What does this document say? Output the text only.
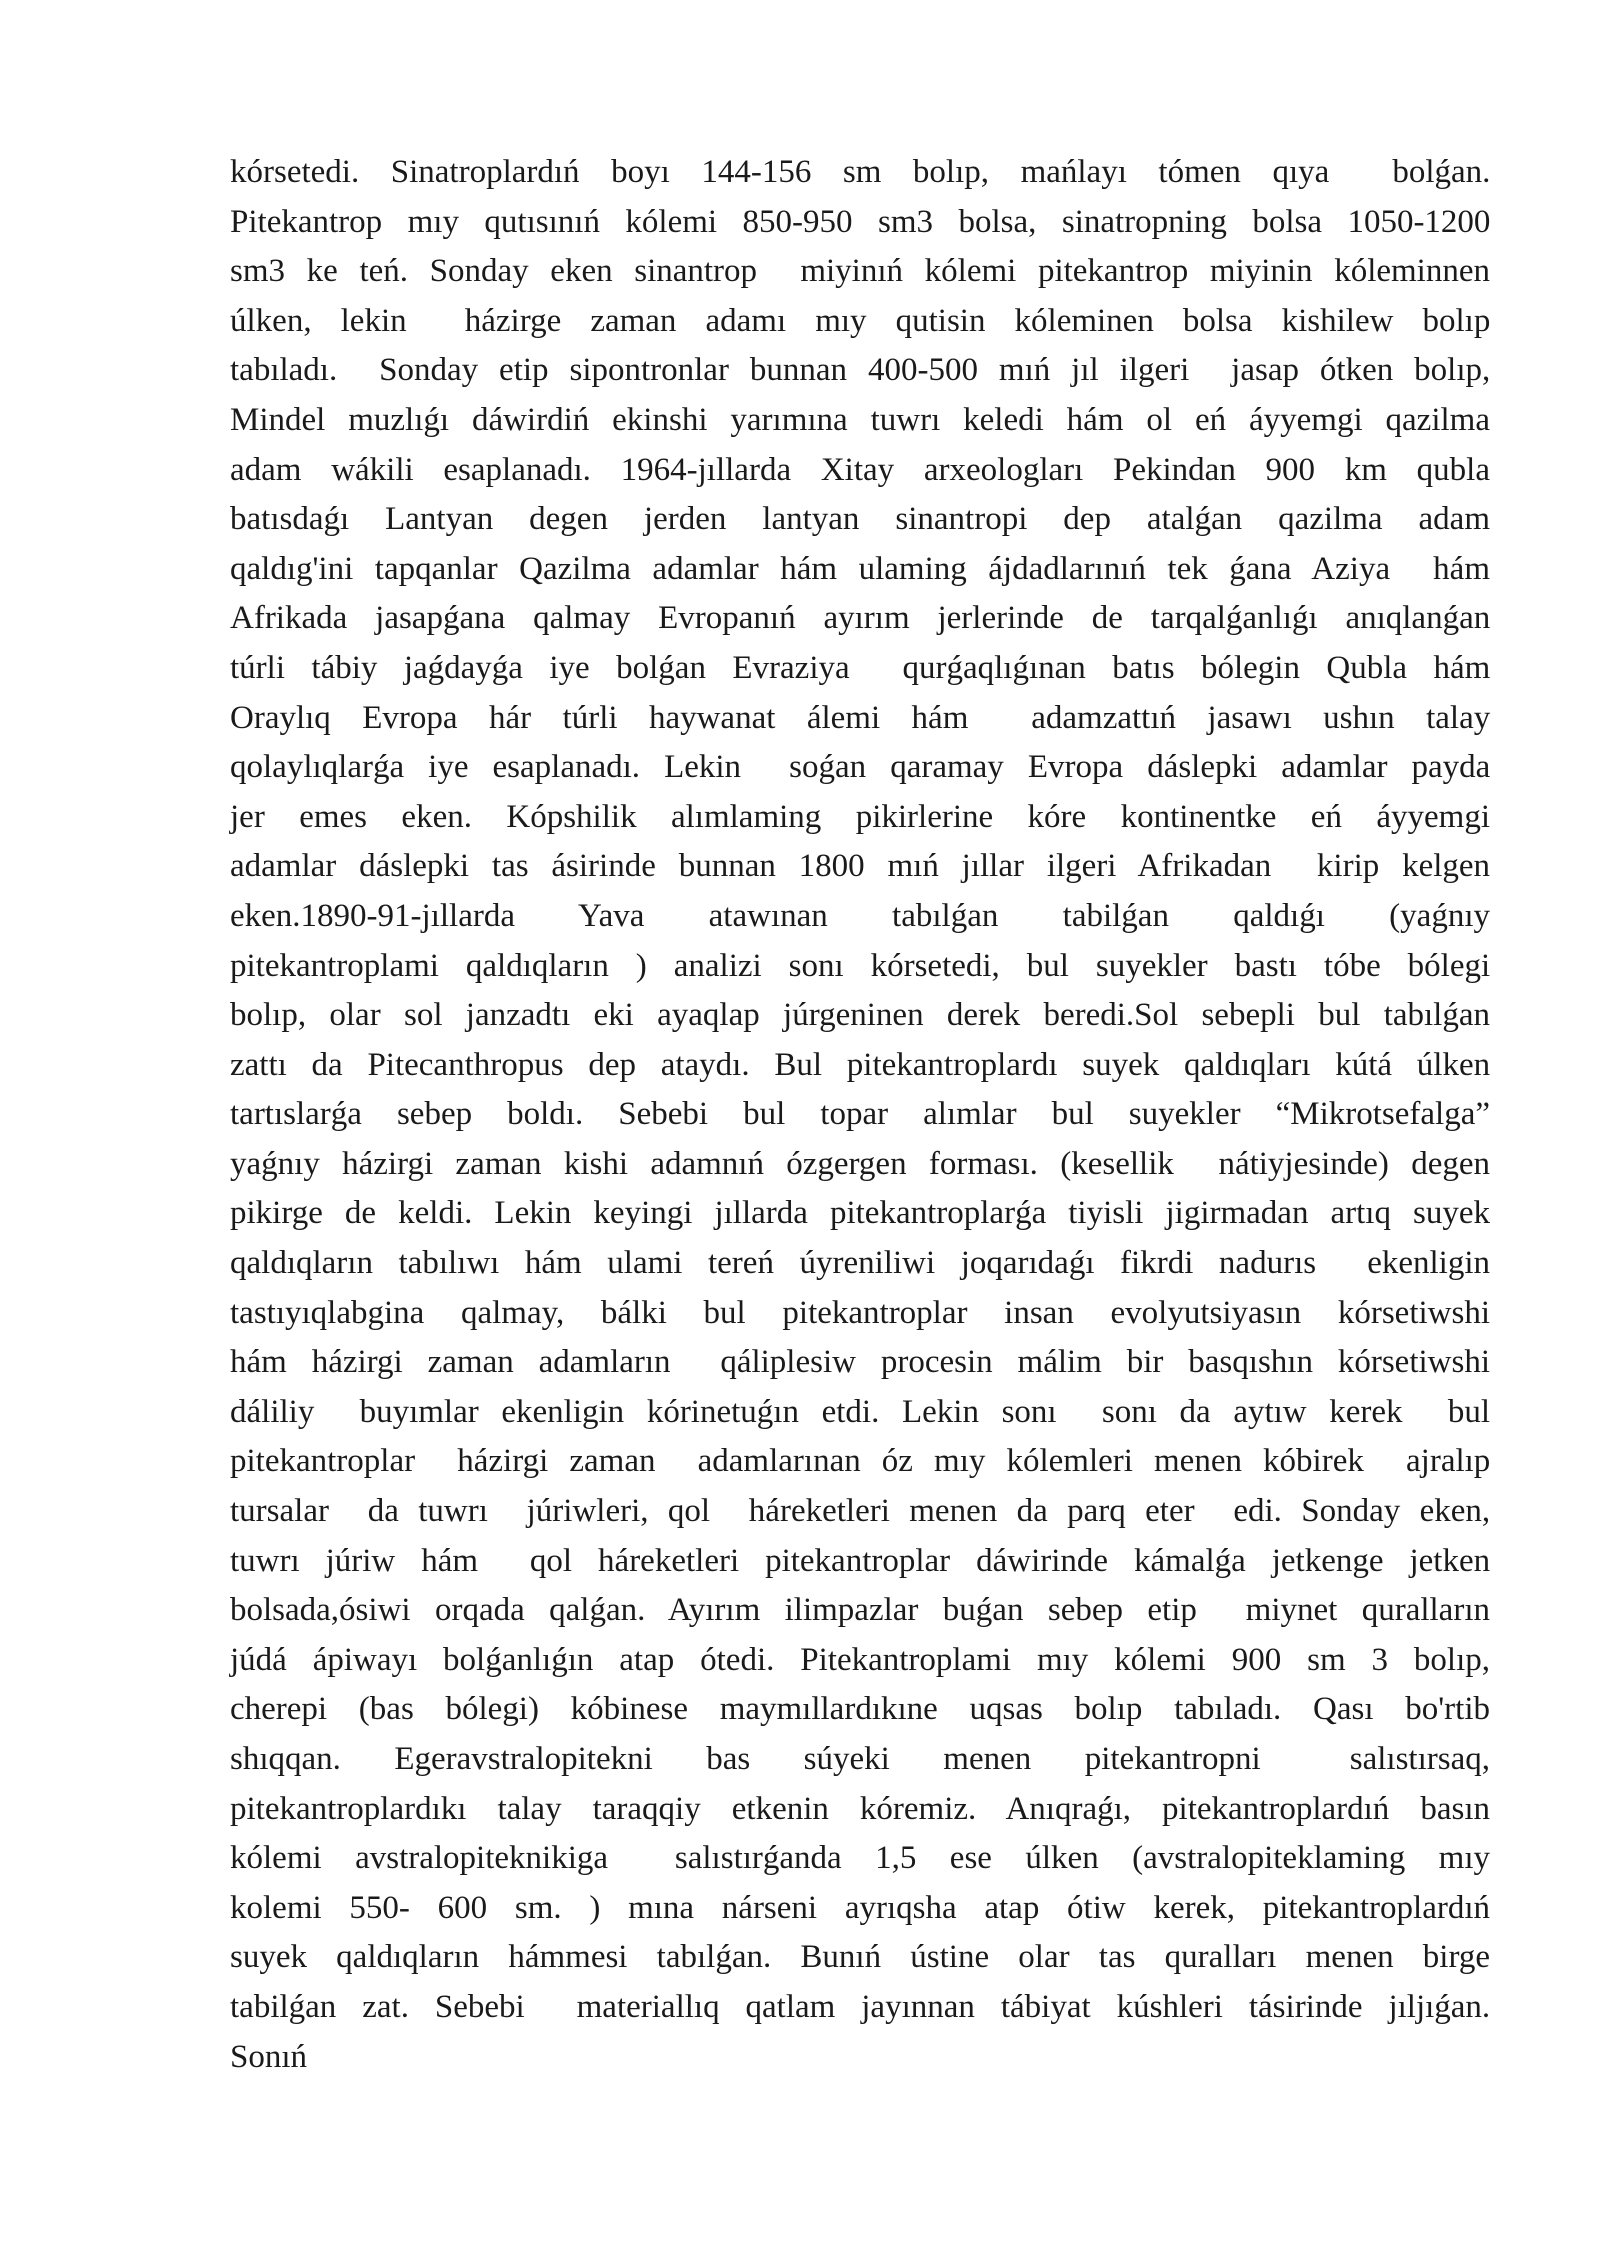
kórsetedi. Sinatroplardıń boyı 144-156 sm bolıp, mańlayı tómen qıya  bolǵan.
Pitekantrop mıy qutısınıń kólemi 850-950 sm3 bolsa, sinatropning bolsa 1050-1200
sm3 ke teń. Sonday eken sinantrop  miyinıń kólemi pitekantrop miyinin kóleminnen
úlken, lekin  házirge zaman adamı mıy qutisin kóleminen bolsa kishilew bolıp
tabıladı.  Sonday etip sipontronlar bunnan 400-500 mıń jıl ilgeri  jasap ótken bolıp,
Mindel muzlıǵı dáwirdiń ekinshi yarımına tuwrı keledi hám ol eń áyyemgi qazilma
adam wákili esaplanadı. 1964-jıllarda Xitay arxeologları Pekindan 900 km qubla
batısdaǵı Lantyan degen jerden lantyan sinantropi dep atalǵan qazilma adam
qaldıg'ini tapqanlar Qazilma adamlar hám ulaming ájdadlarınıń tek ǵana Aziya  hám
Afrikada jasapǵana qalmay Evropanıń ayırım jerlerinde de tarqalǵanlıǵı anıqlanǵan
túrli tábiy jaǵdayǵa iye bolǵan Evraziya  qurǵaqlıǵınan batıs bólegin Qubla hám
Oraylıq Evropa hár túrli haywanat álemi hám  adamzattıń jasawı ushın talay
qolaylıqlarǵa iye esaplanadı. Lekin  soǵan qaramay Evropa dáslepki adamlar payda
jer emes eken. Kópshilik alımlaming pikirlerine kóre kontinentke eń áyyemgi
adamlar dáslepki tas ásirinde bunnan 1800 mıń jıllar ilgeri Afrikadan  kirip kelgen
eken.1890-91-jıllarda   Yava   atawınan   tabılǵan   tabilǵan   qaldıǵı   (yaǵnıy
pitekantroplami qaldıqların ) analizi sonı kórsetedi, bul suyekler bastı tóbe bólegi
bolıp, olar sol janzadtı eki ayaqlap júrgeninen derek beredi.Sol sebepli bul tabılǵan
zattı da Pitecanthropus dep ataydı. Bul pitekantroplardı suyek qaldıqları kútá úlken
tartıslarǵa sebep boldı. Sebebi bul topar alımlar bul suyekler “Mikrotsefalga”
yaǵnıy házirgi zaman kishi adamnıń ózgergen forması. (kesellik  nátiyjesinde) degen
pikirge de keldi. Lekin keyingi jıllarda pitekantroplarǵa tiyisli jigirmadan artıq suyek
qaldıqların tabılıwı hám ulami tereń úyreniliwi joqarıdaǵı fikrdi nadurıs  ekenligin
tastıyıqlabgina qalmay, bálki bul pitekantroplar insan evolyutsiyasın kórsetiwshi
hám házirgi zaman adamların  qáliplesiw procesin málim bir basqıshın kórsetiwshi
dáliliy  buyımlar ekenligin kórinetuǵın etdi. Lekin sonı  sonı da aytıw kerek  bul
pitekantroplar  házirgi zaman  adamlarınan óz mıy kólemleri menen kóbirek  ajralıp
tursalar  da tuwrı  júriwleri, qol  háreketleri menen da parq eter  edi. Sonday eken,
tuwrı júriw hám  qol háreketleri pitekantroplar dáwirinde kámalǵa jetkenge jetken
bolsada,ósiwi orqada qalǵan. Ayırım ilimpazlar buǵan sebep etip  miynet quralların
júdá ápiwayı bolǵanlıǵın atap ótedi. Pitekantroplami mıy kólemi 900 sm 3 bolıp,
cherepi (bas bólegi) kóbinese maymıllardıkıne uqsas bolıp tabıladı. Qası bo'rtib
shıqqan.   Egeravstralopitekni   bas   súyeki   menen   pitekantropni     salıstırsaq,
pitekantroplardıkı talay taraqqiy etkenin kóremiz. Anıqraǵı, pitekantroplardıń basın
kólemi avstralopiteknikiga  salıstırǵanda 1,5 ese úlken (avstralopiteklaming mıy
kolemi 550- 600 sm. ) mına nárseni ayrıqsha atap ótiw kerek, pitekantroplardıń
suyek qaldıqların hámmesi tabılǵan. Bunıń ústine olar tas quralları menen birge
tabilǵan zat. Sebebi  materiallıq qatlam jayınnan tábiyat kúshleri tásirinde jıljıǵan.
Sonıń
